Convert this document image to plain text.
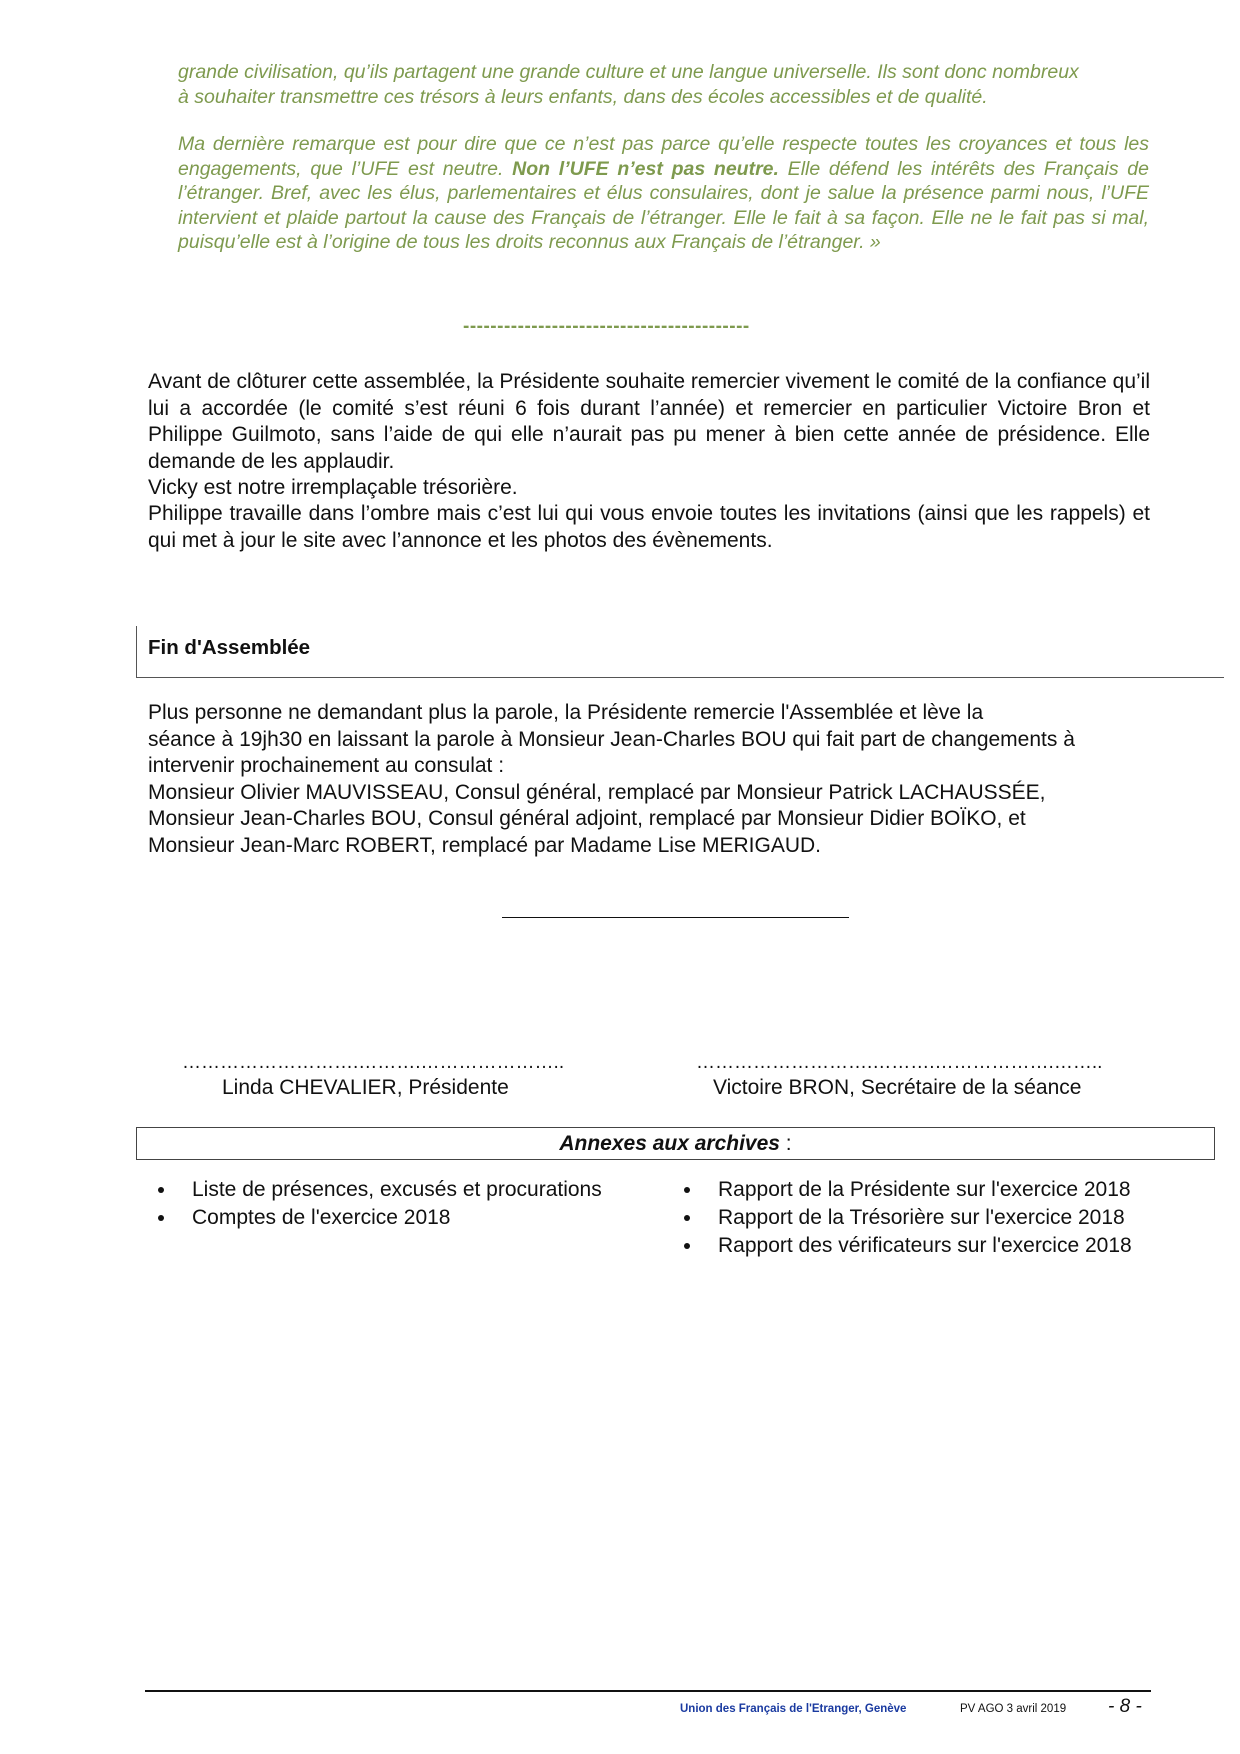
grande civilisation, qu’ils partagent une grande culture et une langue universelle. Ils sont donc nombreux
à souhaiter transmettre ces trésors à leurs enfants, dans des écoles accessibles et de qualité.

Ma dernière remarque est pour dire que ce n’est pas parce qu’elle respecte toutes les croyances et tous les engagements, que l’UFE est neutre. Non l’UFE n’est pas neutre. Elle défend les intérêts des Français de l’étranger. Bref, avec les élus, parlementaires et élus consulaires, dont je salue la présence parmi nous, l’UFE intervient et plaide partout la cause des Français de l’étranger. Elle le fait à sa façon. Elle ne le fait pas si mal, puisqu’elle est à l’origine de tous les droits reconnus aux Français de l’étranger. »

------------------------------------------

Avant de clôturer cette assemblée, la Présidente souhaite remercier vivement le comité de la confiance qu’il lui a accordée (le comité s’est réuni 6 fois durant l’année) et remercier en particulier Victoire Bron et Philippe Guilmoto, sans l’aide de qui elle n’aurait pas pu mener à bien cette année de présidence. Elle demande de les applaudir.

Vicky est notre irremplaçable trésorière.

Philippe travaille dans l’ombre mais c’est lui qui vous envoie toutes les invitations (ainsi que les rappels) et qui met à jour le site avec l’annonce et les photos des évènements.

Fin d'Assemblée
Plus personne ne demandant plus la parole, la Présidente remercie l'Assemblée et lève la
séance à 19jh30 en laissant la parole à Monsieur Jean-Charles BOU qui fait part de changements à
intervenir prochainement au consulat :
Monsieur Olivier MAUVISSEAU, Consul général, remplacé par Monsieur Patrick LACHAUSSÉE,
Monsieur Jean-Charles BOU, Consul général adjoint, remplacé par Monsieur Didier BOÏKO, et
Monsieur Jean-Marc ROBERT, remplacé par Madame Lise MERIGAUD.
……………………….……….…………………..
Linda CHEVALIER, Présidente
……………………….……….……………….……..
Victoire BRON, Secrétaire de la séance
Annexes aux archives :
Liste de présences, excusés et procurations
Comptes de l'exercice 2018
Rapport de la Présidente sur l'exercice 2018
Rapport de la Trésorière sur l'exercice 2018
Rapport des vérificateurs sur l'exercice 2018
Union des Français de l'Etranger, Genève	PV AGO 3 avril 2019 - 8 -
